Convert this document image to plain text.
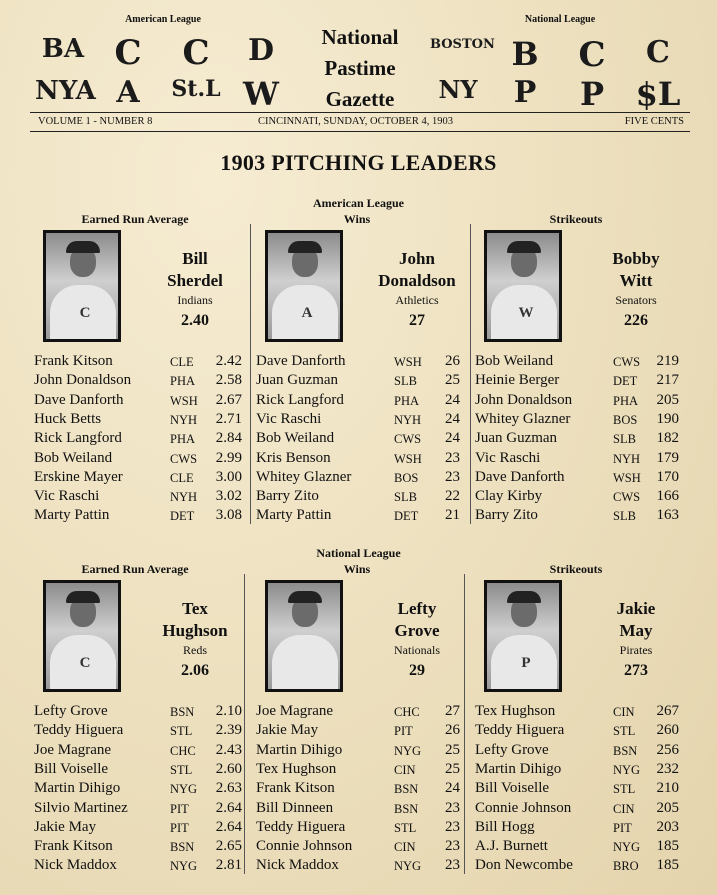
American League	National League
BA C	C	D
NYA A	St.L W
BOSTON B	C	C
NY	P	P $L
National
Pastime
Gazette
VOLUME 1 - NUMBER 8	CINCINNATI, SUNDAY, OCTOBER 4, 1903	FIVE CENTS
1903 PITCHING LEADERS
American League
Earned Run Average
C
Bill
Sherdel
Indians
2.40
Frank Kitson	CLE	2.42
John Donaldson	PHA	2.58
Dave Danforth	WSH	2.67
Huck Betts	NYH	2.71
Rick Langford	PHA	2.84
Bob Weiland	CWS	2.99
Erskine Mayer	CLE	3.00
Vic Raschi	NYH	3.02
Marty Pattin	DET	3.08
Wins
A
John
Donaldson
Athletics
27
Dave Danforth	WSH	26
Juan Guzman	SLB	25
Rick Langford	PHA	24
Vic Raschi	NYH	24
Bob Weiland	CWS	24
Kris Benson	WSH	23
Whitey Glazner	BOS	23
Barry Zito	SLB	22
Marty Pattin	DET	21
Strikeouts
W
Bobby
Witt
Senators
226
Bob Weiland	CWS	219
Heinie Berger	DET	217
John Donaldson	PHA	205
Whitey Glazner	BOS	190
Juan Guzman	SLB	182
Vic Raschi	NYH	179
Dave Danforth	WSH	170
Clay Kirby	CWS	166
Barry Zito	SLB	163
National League
Earned Run Average
C
Tex
Hughson
Reds
2.06
Lefty Grove	BSN	2.10
Teddy Higuera	STL	2.39
Joe Magrane	CHC	2.43
Bill Voiselle	STL	2.60
Martin Dihigo	NYG	2.63
Silvio Martinez	PIT	2.64
Jakie May	PIT	2.64
Frank Kitson	BSN	2.65
Nick Maddox	NYG	2.81
Wins
Lefty
Grove
Nationals
29
Joe Magrane	CHC	27
Jakie May	PIT	26
Martin Dihigo	NYG	25
Tex Hughson	CIN	25
Frank Kitson	BSN	24
Bill Dinneen	BSN	23
Teddy Higuera	STL	23
Connie Johnson	CIN	23
Nick Maddox	NYG	23
Strikeouts
P
Jakie
May
Pirates
273
Tex Hughson	CIN	267
Teddy Higuera	STL	260
Lefty Grove	BSN	256
Martin Dihigo	NYG	232
Bill Voiselle	STL	210
Connie Johnson	CIN	205
Bill Hogg	PIT	203
A.J. Burnett	NYG	185
Don Newcombe	BRO	185
